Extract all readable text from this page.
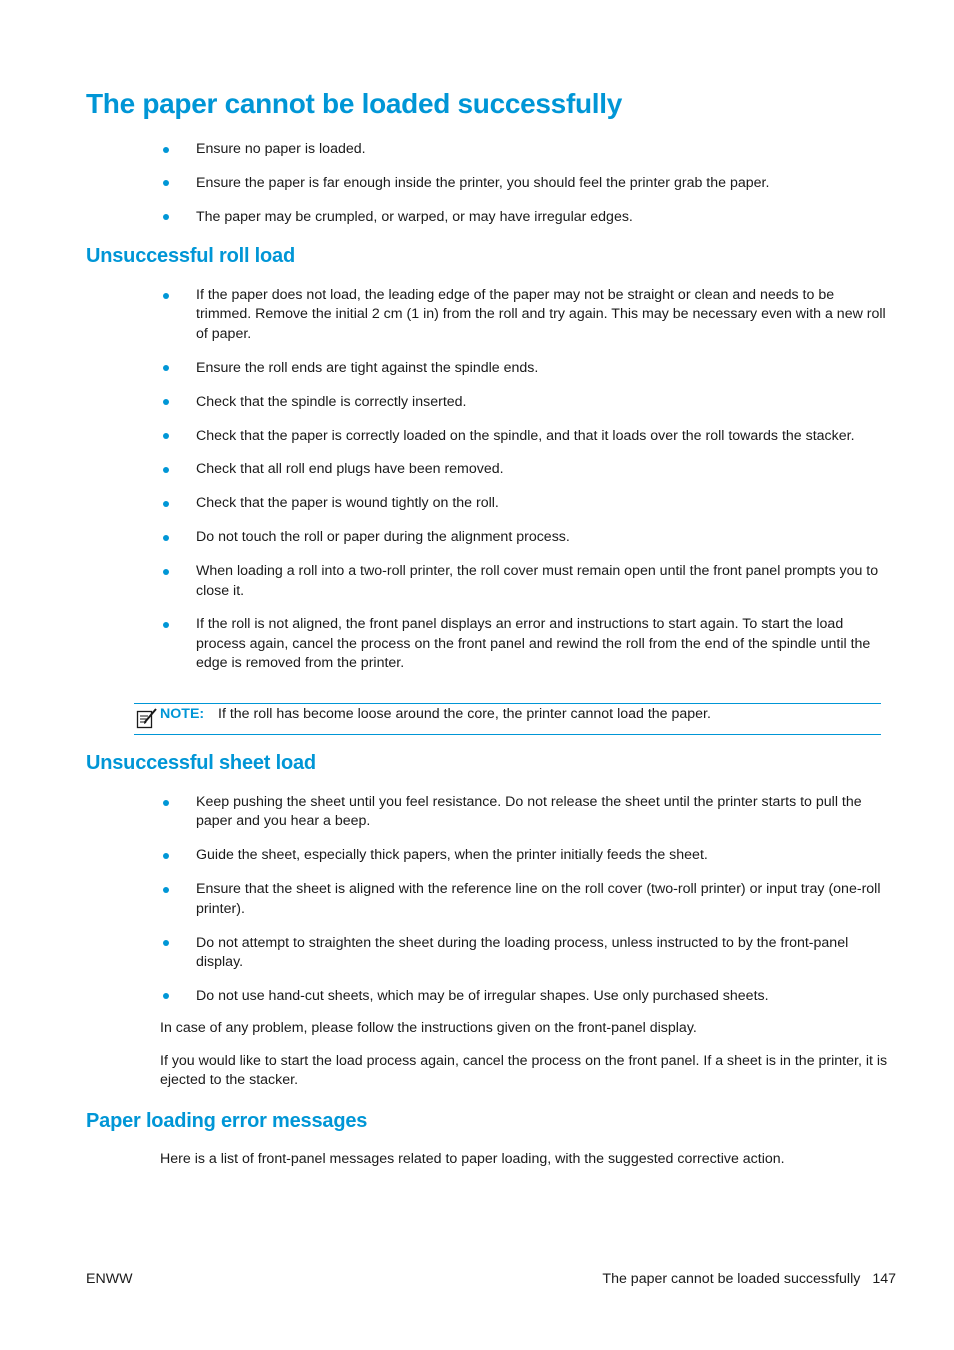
The paper cannot be loaded successfully
Ensure no paper is loaded.
Ensure the paper is far enough inside the printer, you should feel the printer grab the paper.
The paper may be crumpled, or warped, or may have irregular edges.
Unsuccessful roll load
If the paper does not load, the leading edge of the paper may not be straight or clean and needs to be trimmed. Remove the initial 2 cm (1 in) from the roll and try again. This may be necessary even with a new roll of paper.
Ensure the roll ends are tight against the spindle ends.
Check that the spindle is correctly inserted.
Check that the paper is correctly loaded on the spindle, and that it loads over the roll towards the stacker.
Check that all roll end plugs have been removed.
Check that the paper is wound tightly on the roll.
Do not touch the roll or paper during the alignment process.
When loading a roll into a two-roll printer, the roll cover must remain open until the front panel prompts you to close it.
If the roll is not aligned, the front panel displays an error and instructions to start again. To start the load process again, cancel the process on the front panel and rewind the roll from the end of the spindle until the edge is removed from the printer.
NOTE: If the roll has become loose around the core, the printer cannot load the paper.
Unsuccessful sheet load
Keep pushing the sheet until you feel resistance. Do not release the sheet until the printer starts to pull the paper and you hear a beep.
Guide the sheet, especially thick papers, when the printer initially feeds the sheet.
Ensure that the sheet is aligned with the reference line on the roll cover (two-roll printer) or input tray (one-roll printer).
Do not attempt to straighten the sheet during the loading process, unless instructed to by the front-panel display.
Do not use hand-cut sheets, which may be of irregular shapes. Use only purchased sheets.

In case of any problem, please follow the instructions given on the front-panel display.

If you would like to start the load process again, cancel the process on the front panel. If a sheet is in the printer, it is ejected to the stacker.

Paper loading error messages

Here is a list of front-panel messages related to paper loading, with the suggested corrective action.

ENWW	The paper cannot be loaded successfully 147
